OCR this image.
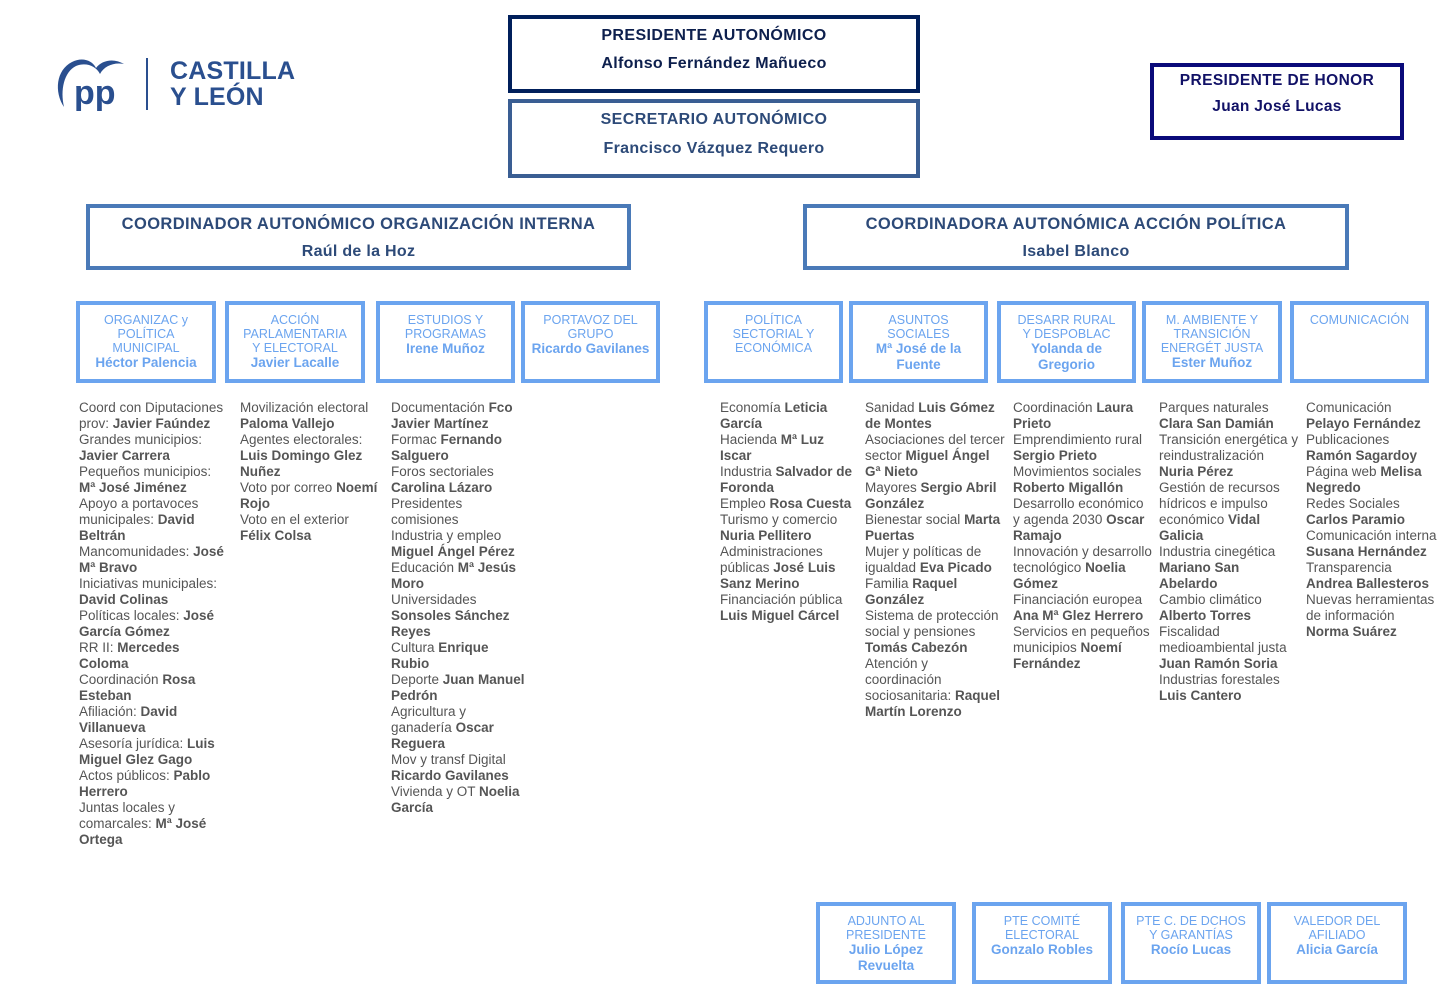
pp
CASTILLA
Y LEÓN
PRESIDENTE AUTONÓMICO
Alfonso Fernández Mañueco
SECRETARIO AUTONÓMICO
Francisco Vázquez Requero
PRESIDENTE DE HONOR
Juan José Lucas
COORDINADOR AUTONÓMICO ORGANIZACIÓN INTERNA
Raúl de la Hoz
COORDINADORA AUTONÓMICA ACCIÓN POLÍTICA
Isabel Blanco
ORGANIZAC y
POLÍTICA
MUNICIPAL
Héctor Palencia
Coord con Diputaciones prov: Javier Faúndez
Grandes municipios: Javier Carrera
Pequeños municipios: Mª José Jiménez
Apoyo a portavoces municipales: David Beltrán
Mancomunidades: José Mª Bravo
Iniciativas municipales: David Colinas
Políticas locales: José García Gómez
RR II: Mercedes Coloma
Coordinación Rosa Esteban
Afiliación: David Villanueva
Asesoría jurídica: Luis Miguel Glez Gago
Actos públicos: Pablo Herrero
Juntas locales y comarcales: Mª José Ortega

ACCIÓN
PARLAMENTARIA
Y ELECTORAL
Javier Lacalle
Movilización electoral Paloma Vallejo
Agentes electorales: Luis Domingo Glez Nuñez
Voto por correo Noemí Rojo
Voto en el exterior Félix Colsa

ESTUDIOS Y
PROGRAMAS
Irene Muñoz
Documentación Fco Javier Martínez
Formac Fernando Salguero
Foros sectoriales Carolina Lázaro
Presidentes comisiones
Industria y empleo Miguel Ángel Pérez
Educación Mª Jesús Moro
Universidades Sonsoles Sánchez Reyes
Cultura Enrique Rubio
Deporte Juan Manuel Pedrón
Agricultura y ganadería Oscar Reguera
Mov y transf Digital Ricardo Gavilanes
Vivienda y OT Noelia García

PORTAVOZ DEL
GRUPO
Ricardo Gavilanes
POLÍTICA
SECTORIAL Y
ECONÓMICA
Economía Leticia García
Hacienda Mª Luz Iscar
Industria Salvador de Foronda
Empleo Rosa Cuesta
Turismo y comercio Nuria Pellitero
Administraciones públicas José Luis Sanz Merino
Financiación pública Luis Miguel Cárcel

ASUNTOS
SOCIALES
Mª José de la Fuente
Sanidad Luis Gómez de Montes
Asociaciones del tercer sector Miguel Ángel Gª Nieto
Mayores Sergio Abril González
Bienestar social Marta Puertas
Mujer y políticas de igualdad Eva Picado
Familia Raquel González
Sistema de protección social y pensiones Tomás Cabezón
Atención y coordinación sociosanitaria: Raquel Martín Lorenzo

DESARR RURAL
Y DESPOBLAC
Yolanda de Gregorio
Coordinación Laura Prieto
Emprendimiento rural Sergio Prieto
Movimientos sociales Roberto Migallón
Desarrollo económico y agenda 2030 Oscar Ramajo
Innovación y desarrollo tecnológico Noelia Gómez
Financiación europea Ana Mª Glez Herrero
Servicios en pequeños municipios Noemí Fernández

M. AMBIENTE Y
TRANSICIÓN
ENERGÉT JUSTA
Ester Muñoz
Parques naturales Clara San Damián
Transición energética y reindustralización Nuria Pérez
Gestión de recursos hídricos e impulso económico Vidal Galicia
Industria cinegética Mariano San Abelardo
Cambio climático Alberto Torres
Fiscalidad medioambiental justa Juan Ramón Soria
Industrias forestales Luis Cantero

COMUNICACIÓN
Comunicación Pelayo Fernández
Publicaciones Ramón Sagardoy
Página web Melisa Negredo
Redes Sociales Carlos Paramio
Comunicación interna Susana Hernández
Transparencia Andrea Ballesteros
Nuevas herramientas de información Norma Suárez

ADJUNTO AL
PRESIDENTE
Julio López Revuelta
PTE COMITÉ
ELECTORAL
Gonzalo Robles
PTE C. DE DCHOS
Y GARANTÍAS
Rocío Lucas
VALEDOR DEL
AFILIADO
Alicia García
